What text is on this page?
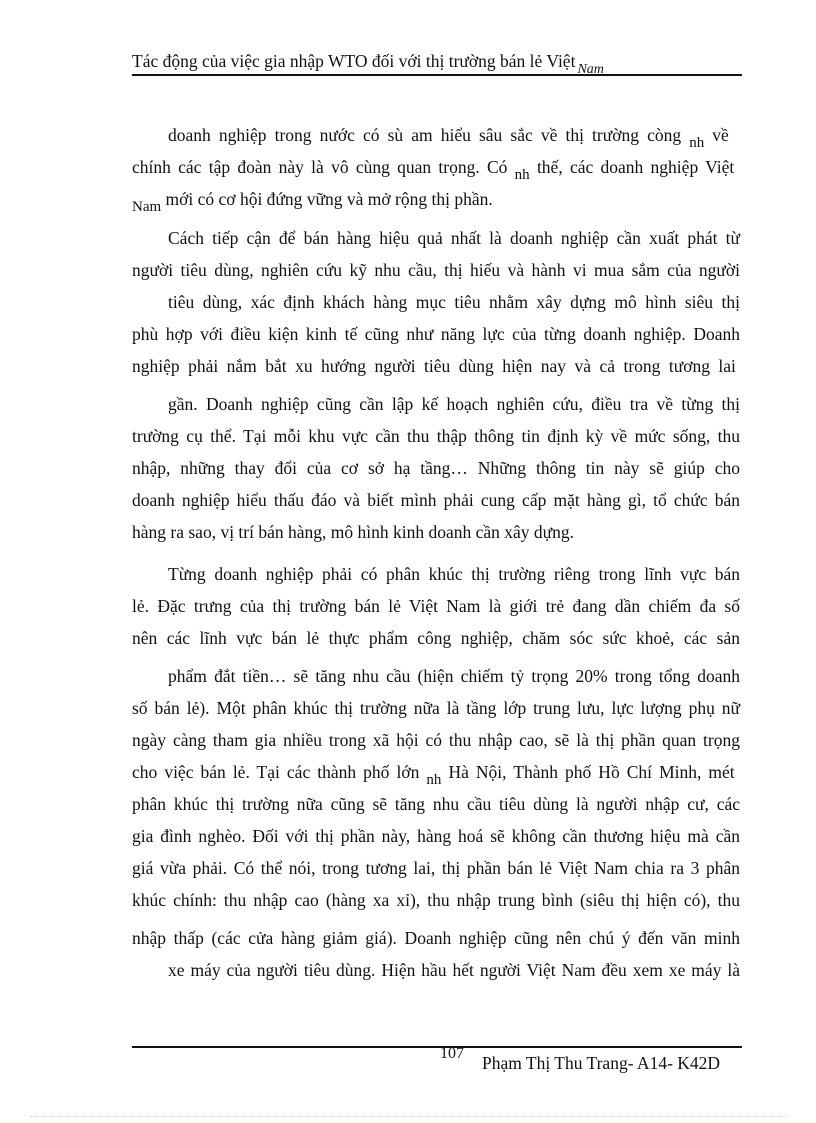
Tác động của việc gia nhập WTO đối với thị trường bán lẻ Việt $_{Nam}$
doanh nghiệp trong nước có sù am hiểu sâu sắc về thị trường còng nh về
chính các tập đoàn này là vô cùng quan trọng. Có nh thế, các doanh nghiệp Việt
Nam mới có cơ hội đứng vững và mở rộng thị phần.
Cách tiếp cận để bán hàng hiệu quả nhất là doanh nghiệp cần xuất phát từ
người tiêu dùng, nghiên cứu kỹ nhu cầu, thị hiếu và hành vi mua sắm của người
tiêu dùng, xác định khách hàng mục tiêu nhằm xây dựng mô hình siêu thị
phù hợp với điều kiện kinh tế cũng như năng lực của từng doanh nghiệp. Doanh
nghiệp phải nắm bắt xu hướng người tiêu dùng hiện nay và cả trong tương lai
gần. Doanh nghiệp cũng cần lập kế hoạch nghiên cứu, điều tra về từng thị
trường cụ thể. Tại mỗi khu vực cần thu thập thông tin định kỳ về mức sống, thu
nhập, những thay đổi của cơ sở hạ tầng… Những thông tin này sẽ giúp cho
doanh nghiệp hiểu thấu đáo và biết mình phải cung cấp mặt hàng gì, tổ chức bán
hàng ra sao, vị trí bán hàng, mô hình kinh doanh cần xây dựng.
Từng doanh nghiệp phải có phân khúc thị trường riêng trong lĩnh vực bán
lẻ. Đặc trưng của thị trường bán lẻ Việt Nam là giới trẻ đang dần chiếm đa số
nên các lĩnh vực bán lẻ thực phẩm công nghiệp, chăm sóc sức khoẻ, các sản
phẩm đắt tiền… sẽ tăng nhu cầu (hiện chiếm tỷ trọng 20% trong tổng doanh
số bán lẻ). Một phân khúc thị trường nữa là tầng lớp trung lưu, lực lượng phụ nữ
ngày càng tham gia nhiều trong xã hội có thu nhập cao, sẽ là thị phần quan trọng
cho việc bán lẻ. Tại các thành phố lớn nh Hà Nội, Thành phố Hồ Chí Minh, mét
phân khúc thị trường nữa cũng sẽ tăng nhu cầu tiêu dùng là người nhập cư, các
gia đình nghèo. Đối với thị phần này, hàng hoá sẽ không cần thương hiệu mà cần
giá vừa phải. Có thể nói, trong tương lai, thị phần bán lẻ Việt Nam chia ra 3 phân
khúc chính: thu nhập cao (hàng xa xỉ), thu nhập trung bình (siêu thị hiện có), thu
nhập thấp (các cửa hàng giảm giá). Doanh nghiệp cũng nên chú ý đến văn minh
xe máy của người tiêu dùng. Hiện hầu hết người Việt Nam đều xem xe máy là
107 Phạm Thị Thu Trang- A14- K42D
